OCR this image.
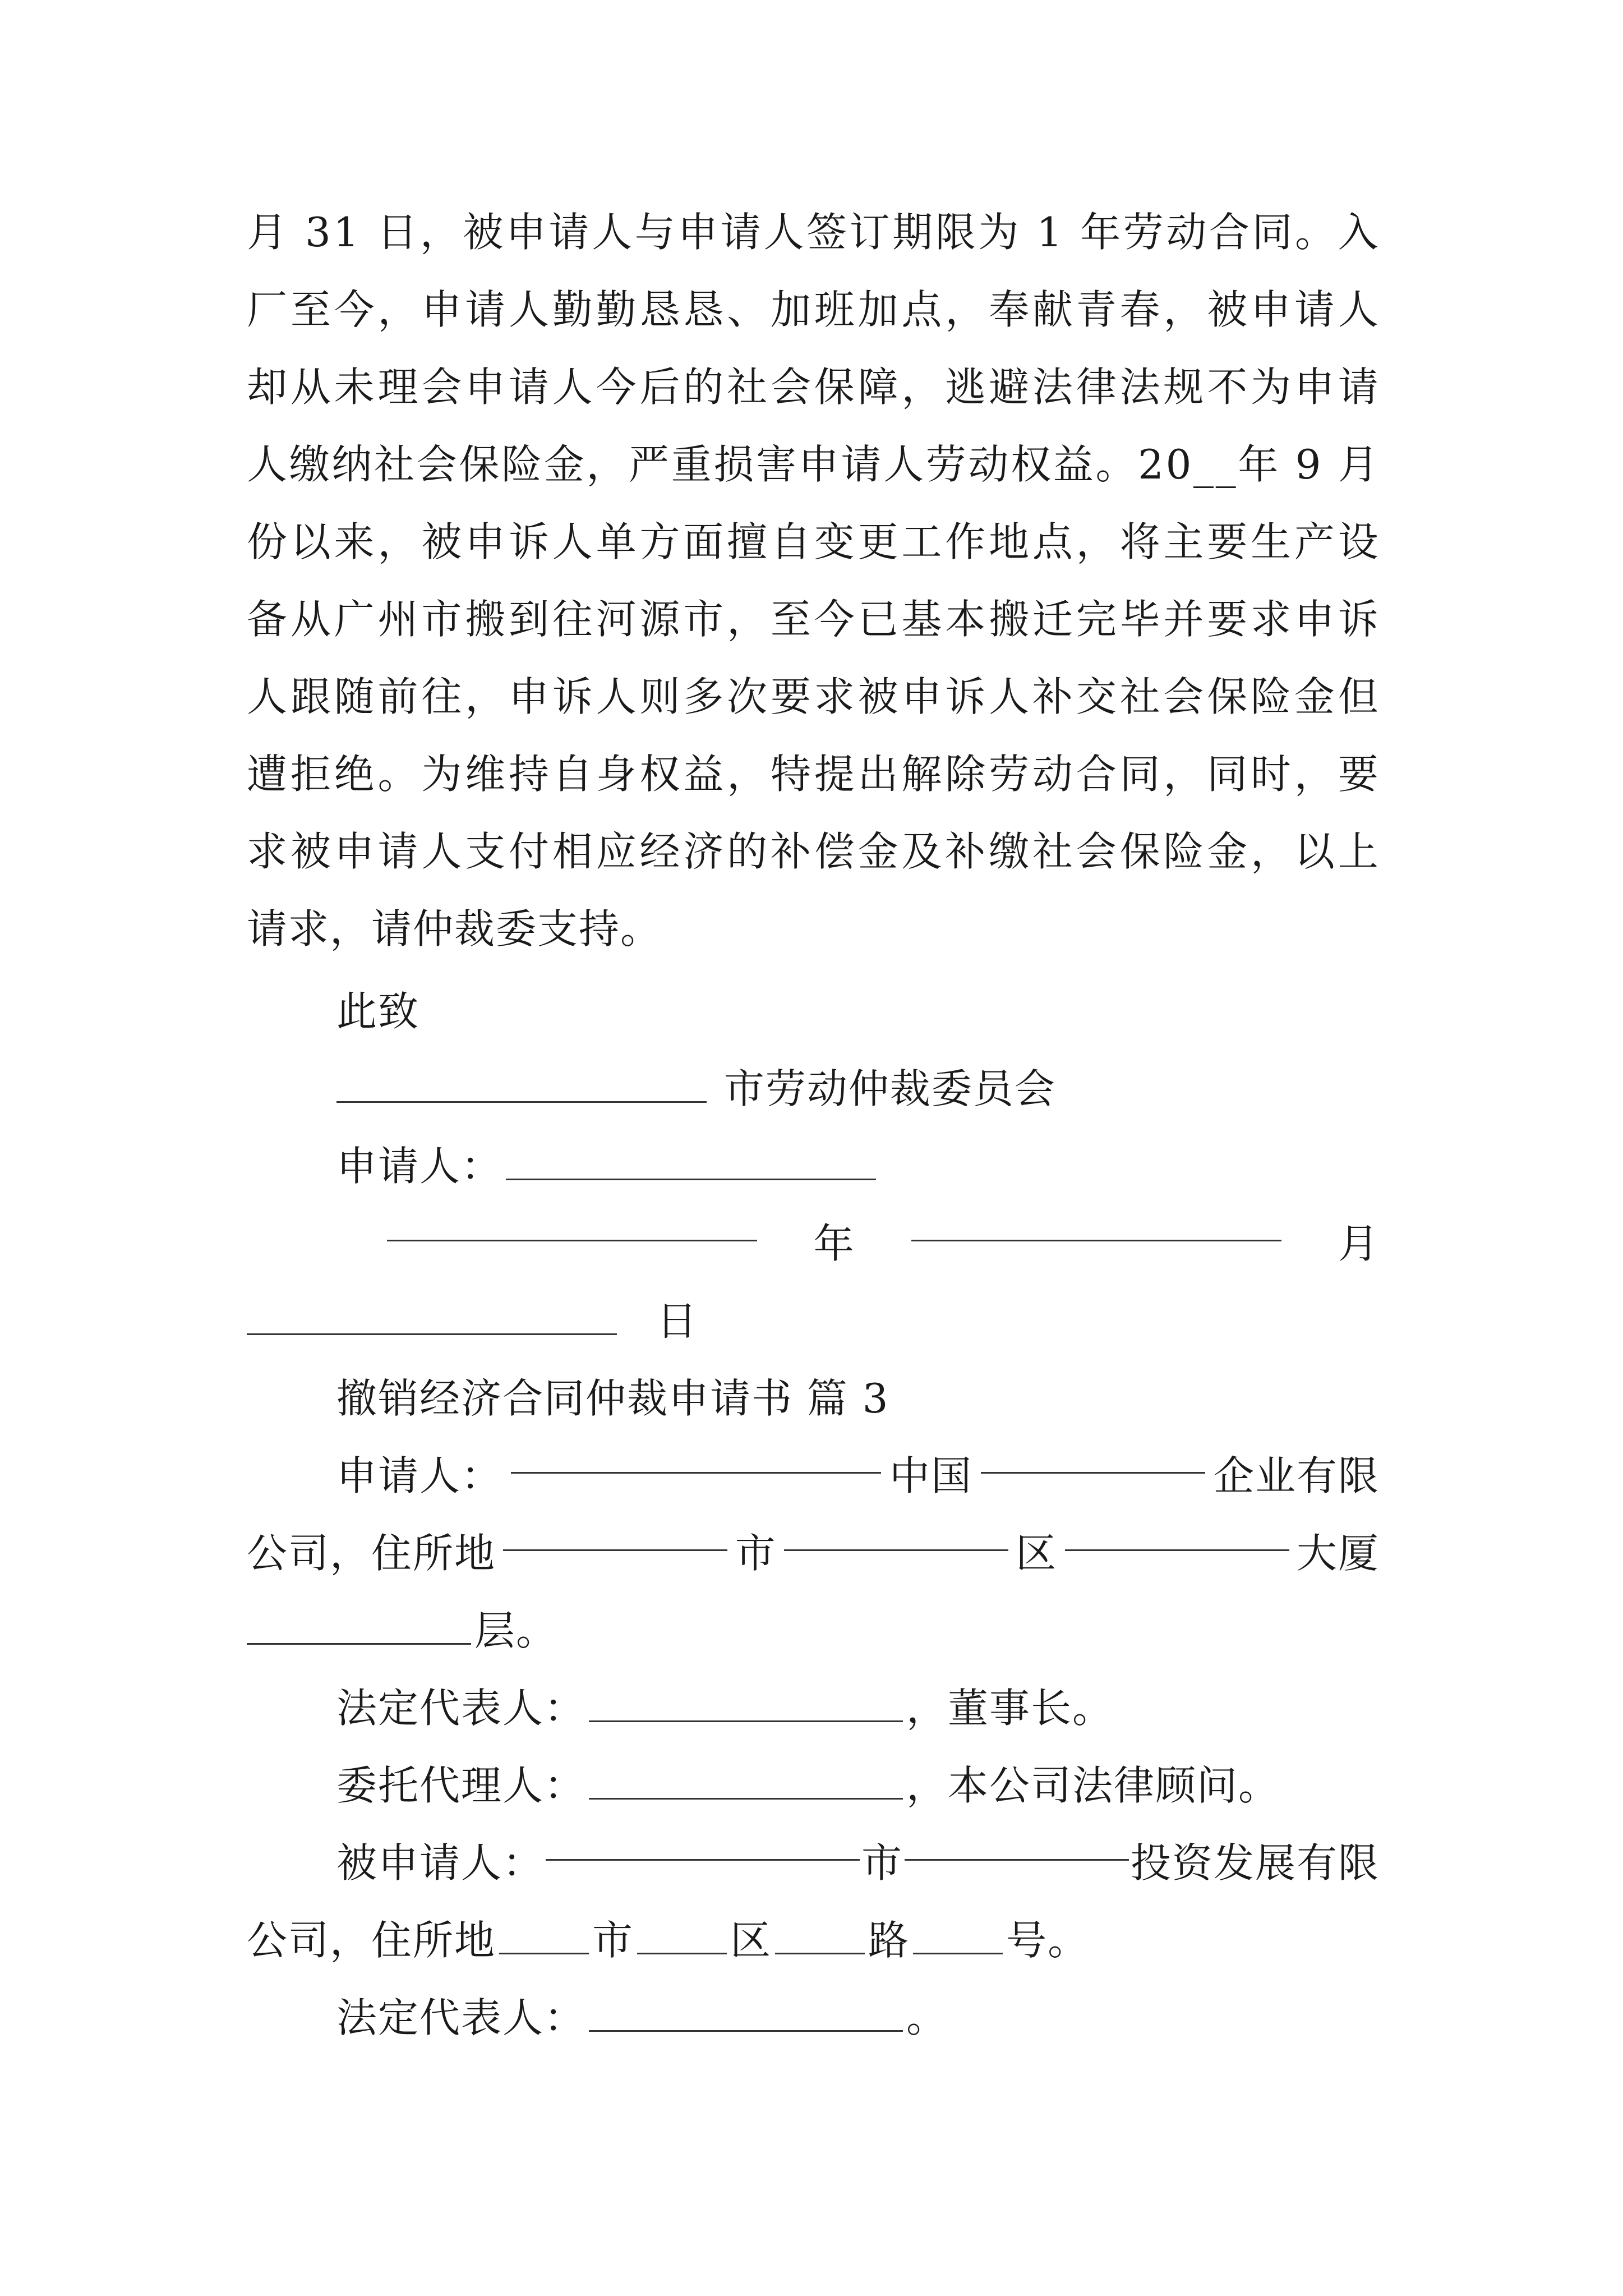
月
3 1
日 ， 被 申 请 人 与 申 请 人 签 订 期 限 为
1
年 劳 动 合 同 。 入
厂 至 今 ， 申 请 人 勤 勤 恳 恳 、 加 班 加 点 ， 奉 献 青 春 ， 被 申 请 人
却 从 未 理 会 申 请 人 今 后 的 社 会 保 障 ， 逃 避 法 律 法 规 不 为 申 请
人 缴 纳 社 会 保 险 金 ， 严 重 损 害 申 请 人 劳 动 权 益 。 2 0 _ _ 年
9
月
份 以 来 ， 被 申 诉 人 单 方 面 擅 自 变 更 工 作 地 点 ， 将 主 要 生 产 设
备 从 广 州 市 搬 到 往 河 源 市 ， 至 今 已 基 本 搬 迁 完 毕 并 要 求 申 诉
人 跟 随 前 往 ， 申 诉 人 则 多 次 要 求 被 申 诉 人 补 交 社 会 保 险 金 但
遭 拒 绝 。 为 维 持 自 身 权 益 ， 特 提 出 解 除 劳 动 合 同 ， 同 时 ， 要
求 被 申 请 人 支 付 相 应 经 济 的 补 偿 金 及 补 缴 社 会 保 险 金 ， 以 上
请求，请仲裁委支持。
此致
市劳动仲裁委员会
申请人：
年	月
日
撤销经济合同仲裁申请书 篇 3
申请人：	中国	企业有限
公司，住所地	市	区	大厦
层。
法定代表人：	，董事长。
委托代理人：	，本公司法律顾问。
被申请人：	市	投资发展有限
公司，住所地 市 区 路 号。
法定代表人：	。
